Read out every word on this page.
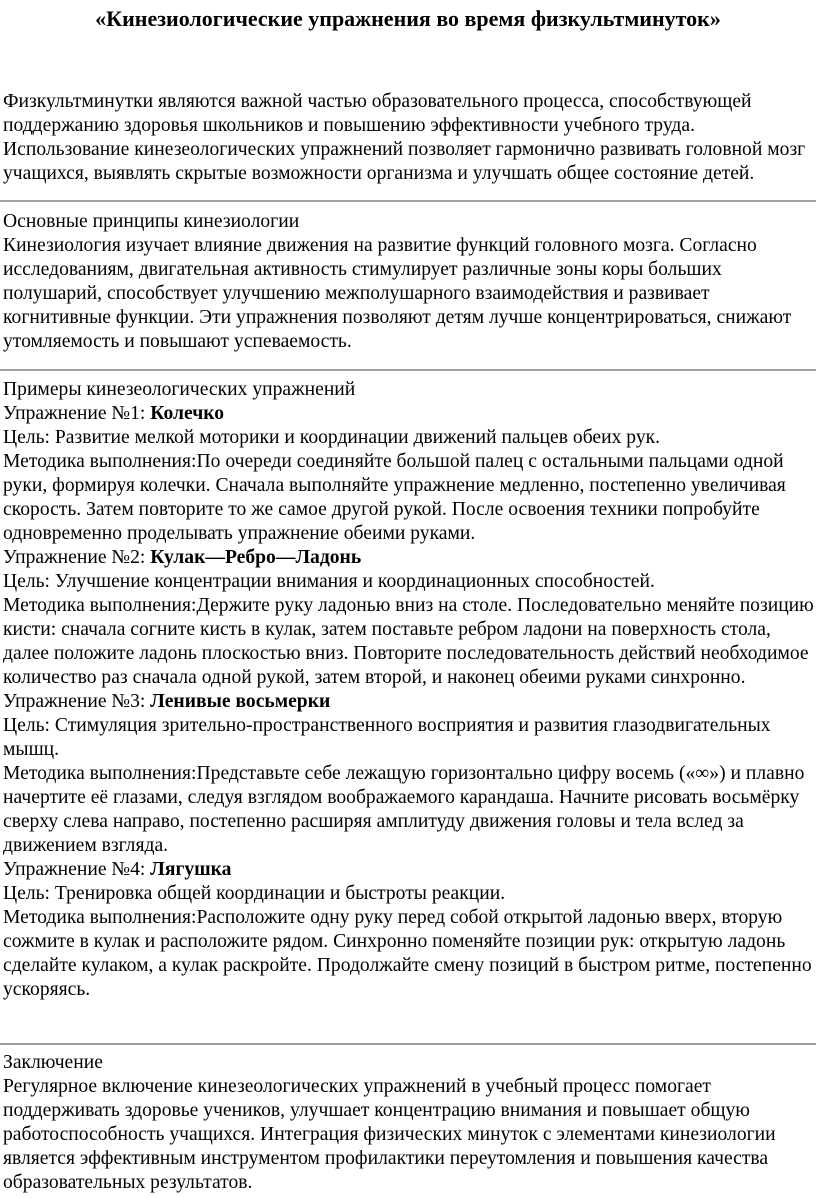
«Кинезиологические упражнения во время физкультминуток»

Физкультминутки являются важной частью образовательного процесса, способствующей поддержанию здоровья школьников и повышению эффективности учебного труда. Использование кинезеологических упражнений позволяет гармонично развивать головной мозг учащихся, выявлять скрытые возможности организма и улучшать общее состояние детей.

Основные принципы кинезиологии

Кинезиология изучает влияние движения на развитие функций головного мозга. Согласно исследованиям, двигательная активность стимулирует различные зоны коры больших полушарий, способствует улучшению межполушарного взаимодействия и развивает когнитивные функции. Эти упражнения позволяют детям лучше концентрироваться, снижают утомляемость и повышают успеваемость.

Примеры кинезеологических упражнений

Упражнение №1: Колечко

Цель: Развитие мелкой моторики и координации движений пальцев обеих рук.

Методика выполнения:По очереди соединяйте большой палец с остальными пальцами одной руки, формируя колечки. Сначала выполняйте упражнение медленно, постепенно увеличивая скорость. Затем повторите то же самое другой рукой. После освоения техники попробуйте одновременно проделывать упражнение обеими руками.

Упражнение №2: Кулак—Ребро—Ладонь

Цель: Улучшение концентрации внимания и координационных способностей.

Методика выполнения:Держите руку ладонью вниз на столе. Последовательно меняйте позицию кисти: сначала согните кисть в кулак, затем поставьте ребром ладони на поверхность стола, далее положите ладонь плоскостью вниз. Повторите последовательность действий необходимое количество раз сначала одной рукой, затем второй, и наконец обеими руками синхронно.

Упражнение №3: Ленивые восьмерки

Цель: Стимуляция зрительно-пространственного восприятия и развития глазодвигательных мышц.

Методика выполнения:Представьте себе лежащую горизонтально цифру восемь («∞») и плавно начертите её глазами, следуя взглядом воображаемого карандаша. Начните рисовать восьмёрку сверху слева направо, постепенно расширяя амплитуду движения головы и тела вслед за движением взгляда.

Упражнение №4: Лягушка

Цель: Тренировка общей координации и быстроты реакции.

Методика выполнения:Расположите одну руку перед собой открытой ладонью вверх, вторую сожмите в кулак и расположите рядом. Синхронно поменяйте позиции рук: открытую ладонь сделайте кулаком, а кулак раскройте. Продолжайте смену позиций в быстром ритме, постепенно ускоряясь.

Заключение

Регулярное включение кинезеологических упражнений в учебный процесс помогает поддерживать здоровье учеников, улучшает концентрацию внимания и повышает общую работоспособность учащихся. Интеграция физических минуток с элементами кинезиологии является эффективным инструментом профилактики переутомления и повышения качества образовательных результатов.
